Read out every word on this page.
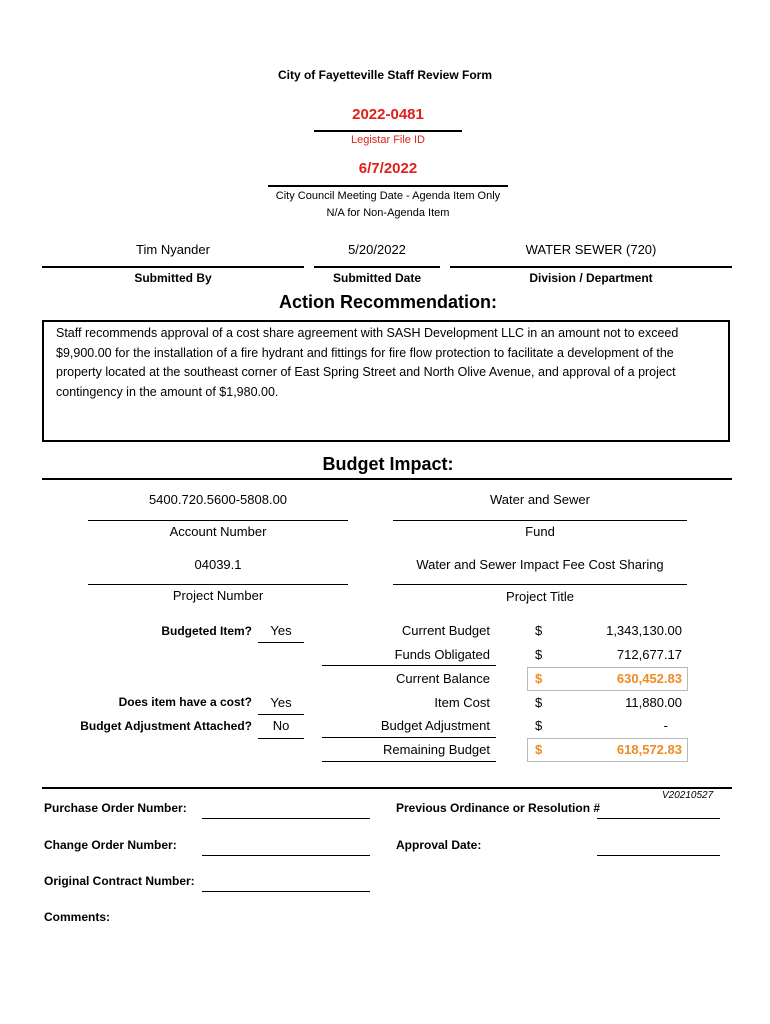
City of Fayetteville Staff Review Form
2022-0481
Legistar File ID
6/7/2022
City Council Meeting Date - Agenda Item Only
N/A for Non-Agenda Item
Tim Nyander
Submitted By
5/20/2022
Submitted Date
WATER SEWER (720)
Division / Department
Action Recommendation:
Staff recommends approval of a cost share agreement with SASH Development LLC in an amount not to exceed $9,900.00 for the installation of a fire hydrant and fittings for fire flow protection to facilitate a development of the property located at the southeast corner of East Spring Street and North Olive Avenue, and approval of a project contingency in the amount of $1,980.00.
Budget Impact:
5400.720.5600-5808.00
Account Number
Water and Sewer
Fund
04039.1
Project Number
Water and Sewer Impact Fee Cost Sharing
Project Title
Budgeted Item?	Yes
Does item have a cost?	Yes
Budget Adjustment Attached?	No
Current Budget	$	1,343,130.00
Funds Obligated	$	712,677.17
Current Balance	$	630,452.83
Item Cost	$	11,880.00
Budget Adjustment	$	-
Remaining Budget	$	618,572.83
V20210527
Purchase Order Number:	Previous Ordinance or Resolution #
Change Order Number:	Approval Date:
Original Contract Number:
Comments:
